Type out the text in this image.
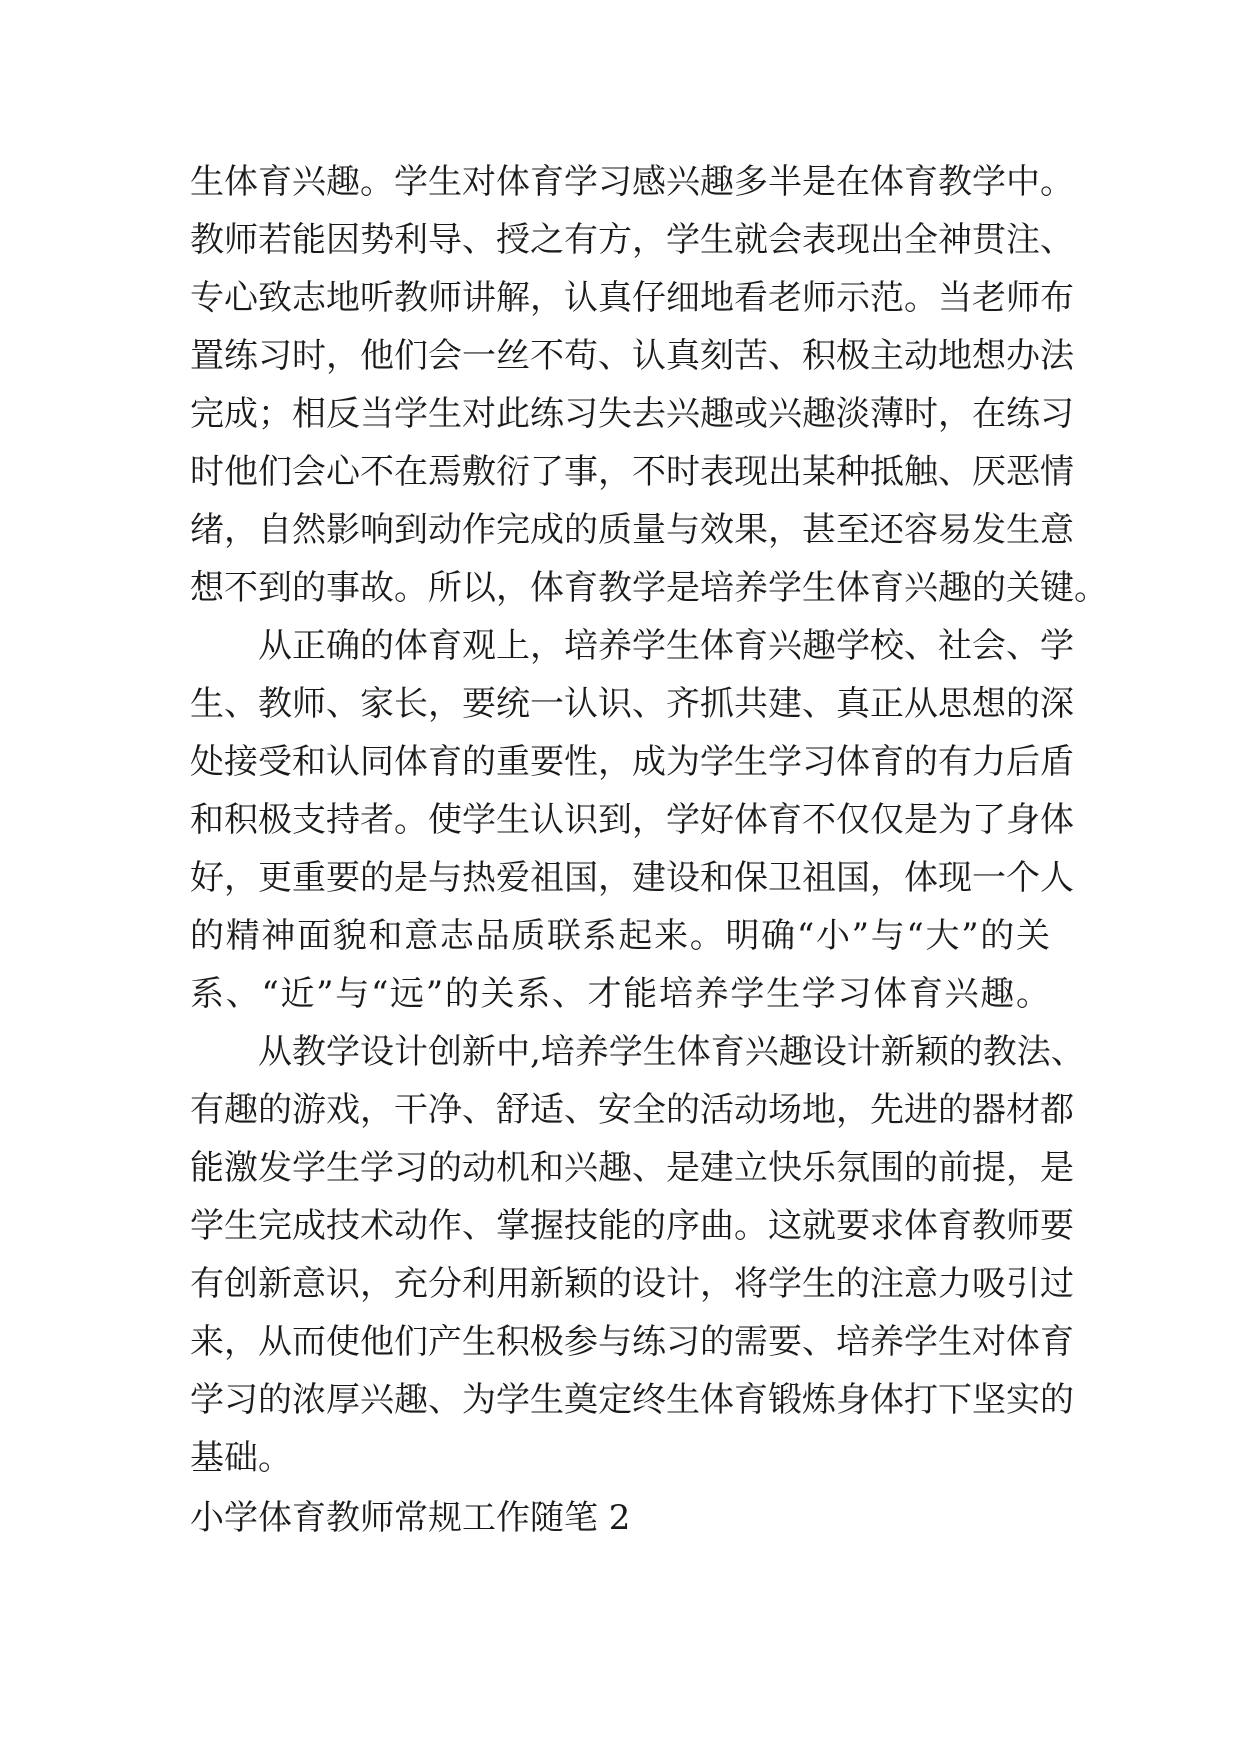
生体育兴趣。学生对体育学习感兴趣多半是在体育教学中。
教师若能因势利导、授之有方，学生就会表现出全神贯注、
专心致志地听教师讲解，认真仔细地看老师示范。当老师布
置练习时，他们会一丝不苟、认真刻苦、积极主动地想办法
完成；相反当学生对此练习失去兴趣或兴趣淡薄时，在练习
时他们会心不在焉敷衍了事，不时表现出某种抵触、厌恶情
绪，自然影响到动作完成的质量与效果，甚至还容易发生意
想不到的事故。所以，体育教学是培养学生体育兴趣的关键。
从正确的体育观上，培养学生体育兴趣学校、社会、学
生、教师、家长，要统一认识、齐抓共建、真正从思想的深
处接受和认同体育的重要性，成为学生学习体育的有力后盾
和积极支持者。使学生认识到，学好体育不仅仅是为了身体
好，更重要的是与热爱祖国，建设和保卫祖国，体现一个人
的精神面貌和意志品质联系起来。明确“小”与“大”的关
系、“近”与“远”的关系、才能培养学生学习体育兴趣。
从教学设计创新中,培养学生体育兴趣设计新颖的教法、
有趣的游戏，干净、舒适、安全的活动场地，先进的器材都
能激发学生学习的动机和兴趣、是建立快乐氛围的前提，是
学生完成技术动作、掌握技能的序曲。这就要求体育教师要
有创新意识，充分利用新颖的设计，将学生的注意力吸引过
来，从而使他们产生积极参与练习的需要、培养学生对体育
学习的浓厚兴趣、为学生奠定终生体育锻炼身体打下坚实的
基础。
小学体育教师常规工作随笔 2
